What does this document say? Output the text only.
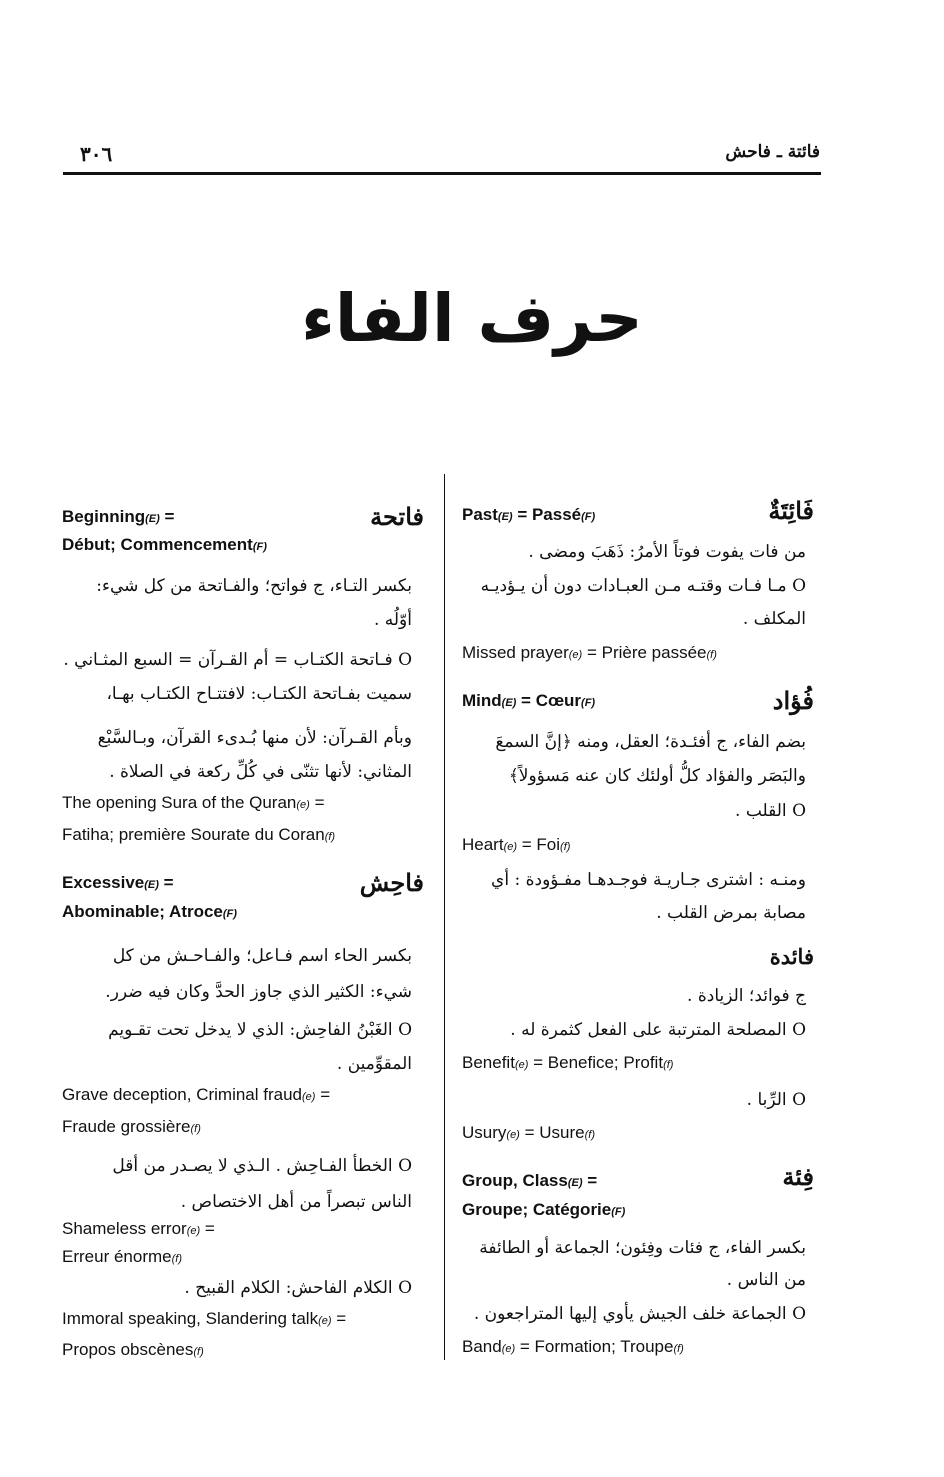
فائتة ـ فاحش
٣٠٦
حرف الفاء
فَائِتَةٌ
Past(E) = Passé(F)
من فات يفوت فوتاً الأمرُ: ذَهَبَ ومضى .
O مـا فـات وقتـه مـن العبـادات دون أن يـؤديـه
المكلف .
Missed prayer(e) = Prière passée(f)
فُؤاد
Mind(E) = Cœur(F)
بضم الفاء، ج أفئـدة؛ العقل، ومنه ﴿إنَّ السمعَ
والبَصَر والفؤاد كلُّ أولئك كان عنه مَسؤولاً﴾
O القلب .
Heart(e) = Foi(f)
ومنـه : اشترى جـاريـة فوجـدهـا مفـؤودة : أي
مصابة بمرض القلب .
فائدة
ج فوائد؛ الزيادة .
O المصلحة المترتبة على الفعل كثمرة له .
Benefit(e) = Benefice; Profit(f)
O الرِّبا .
Usury(e) = Usure(f)
فِئة
Group, Class(E) =
Groupe; Catégorie(F)
بكسر الفاء، ج فئات وفِئون؛ الجماعة أو الطائفة
من الناس .
O الجماعة خلف الجيش يأوي إليها المتراجعون .
Band(e) = Formation; Troupe(f)
فاتحة
Beginning(E) =
Début; Commencement(F)
بكسر التـاء، ج فواتح؛ والفـاتحة من كل شيء:
أوّلُه .
O فـاتحة الكتـاب = أم القـرآن = السبع المثـاني .
سميت بفـاتحة الكتـاب: لافتتـاح الكتـاب بهـا،
وبأم القـرآن: لأن منها بُـدىء القرآن، وبـالسَّبْع
المثاني: لأنها تثنّى في كُلِّ ركعة في الصلاة .
The opening Sura of the Quran(e) =
Fatiha; première Sourate du Coran(f)
فاحِش
Excessive(E) =
Abominable; Atroce(F)
بكسر الحاء اسم فـاعل؛ والفـاحـش من كل
شيء: الكثير الذي جاوز الحدَّ وكان فيه ضرر.
O الغَبْنُ الفاحِش: الذي لا يدخل تحت تقـويم
المقوِّمين .
Grave deception, Criminal fraud(e) =
Fraude grossière(f)
O الخطأ الفـاحِش . الـذي لا يصـدر من أقل
الناس تبصراً من أهل الاختصاص .
Shameless error(e) =
Erreur énorme(f)
O الكلام الفاحش: الكلام القبيح .
Immoral speaking, Slandering talk(e) =
Propos obscènes(f)
